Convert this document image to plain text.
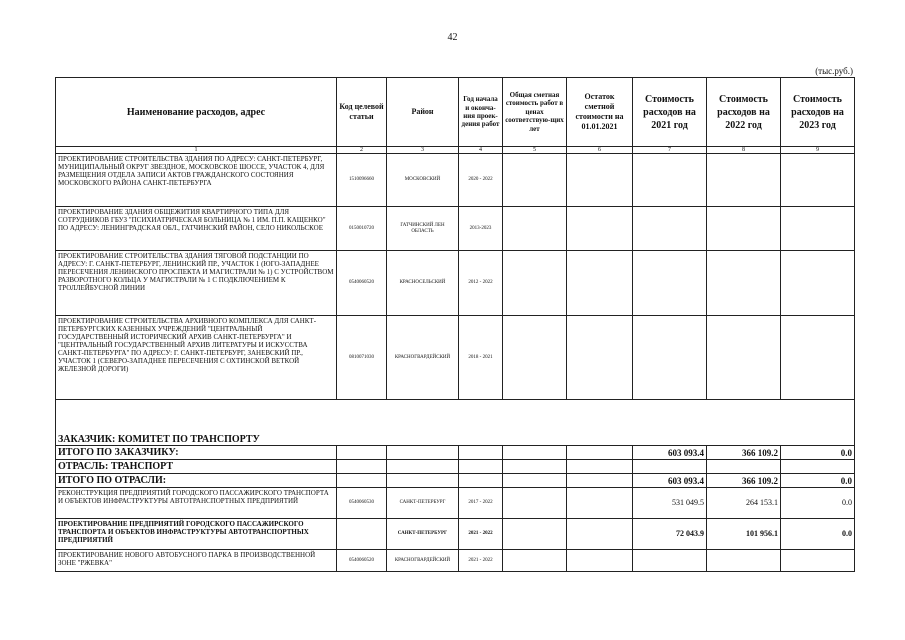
42
(тыс.руб.)
Наименование расходов, адрес	Код целевой статьи	Район	Год начала и оконча-ния проек-дения работ	Общая сметная стоимость работ в ценах соответствую-щих лет	Остаток сметной стоимости на 01.01.2021	Стоимость расходов на 2021 год	Стоимость расходов на 2022 год	Стоимость расходов на 2023 год
1	2	3	4	5	6	7	8	9
ПРОЕКТИРОВАНИЕ СТРОИТЕЛЬСТВА ЗДАНИЯ ПО АДРЕСУ: САНКТ-ПЕТЕРБУРГ, МУНИЦИПАЛЬНЫЙ ОКРУГ ЗВЕЗДНОЕ, МОСКОВСКОЕ ШОССЕ, УЧАСТОК 4, ДЛЯ РАЗМЕЩЕНИЯ ОТДЕЛА ЗАПИСИ АКТОВ ГРАЖДАНСКОГО СОСТОЯНИЯ МОСКОВСКОГО РАЙОНА САНКТ-ПЕТЕРБУРГА	1510096660	МОСКОВСКИЙ	2020 - 2022					
ПРОЕКТИРОВАНИЕ ЗДАНИЯ ОБЩЕЖИТИЯ КВАРТИРНОГО ТИПА ДЛЯ СОТРУДНИКОВ ГБУЗ "ПСИХИАТРИЧЕСКАЯ БОЛЬНИЦА № 1 ИМ. П.П. КАЩЕНКО" ПО АДРЕСУ: ЛЕНИНГРАДСКАЯ ОБЛ., ГАТЧИНСКИЙ РАЙОН, СЕЛО НИКОЛЬСКОЕ	0150010720	ГАТЧИНСКИЙ ЛЕН ОБЛАСТЬ	2013-2023					
ПРОЕКТИРОВАНИЕ СТРОИТЕЛЬСТВА ЗДАНИЯ ТЯГОВОЙ ПОДСТАНЦИИ ПО АДРЕСУ: Г. САНКТ-ПЕТЕРБУРГ, ЛЕНИНСКИЙ ПР., УЧАСТОК 1 (ЮГО-ЗАПАДНЕЕ ПЕРЕСЕЧЕНИЯ ЛЕНИНСКОГО ПРОСПЕКТА И МАГИСТРАЛИ № 1) С УСТРОЙСТВОМ РАЗВОРОТНОГО КОЛЬЦА У МАГИСТРАЛИ № 1 С ПОДКЛЮЧЕНИЕМ К ТРОЛЛЕЙБУСНОЙ ЛИНИИ	0540060520	КРАСНОСЕЛЬСКИЙ	2012 - 2022					
ПРОЕКТИРОВАНИЕ СТРОИТЕЛЬСТВА АРХИВНОГО КОМПЛЕКСА ДЛЯ САНКТ-ПЕТЕРБУРГСКИХ КАЗЕННЫХ УЧРЕЖДЕНИЙ "ЦЕНТРАЛЬНЫЙ ГОСУДАРСТВЕННЫЙ ИСТОРИЧЕСКИЙ АРХИВ САНКТ-ПЕТЕРБУРГА" И "ЦЕНТРАЛЬНЫЙ ГОСУДАРСТВЕННЫЙ АРХИВ ЛИТЕРАТУРЫ И ИСКУССТВА САНКТ-ПЕТЕРБУРГА" ПО АДРЕСУ: Г. САНКТ-ПЕТЕРБУРГ, ЗАНЕВСКИЙ ПР., УЧАСТОК 1 (СЕВЕРО-ЗАПАДНЕЕ ПЕРЕСЕЧЕНИЯ С ОХТИНСКОЙ ВЕТКОЙ ЖЕЛЕЗНОЙ ДОРОГИ)	0810071030	КРАСНОГВАРДЕЙСКИЙ	2018 - 2021					

ЗАКАЗЧИК: КОМИТЕТ ПО ТРАНСПОРТУ								
ИТОГО ПО ЗАКАЗЧИКУ:						603 093.4	366 109.2	0.0
ОТРАСЛЬ: ТРАНСПОРТ								
ИТОГО ПО ОТРАСЛИ:						603 093.4	366 109.2	0.0
РЕКОНСТРУКЦИЯ ПРЕДПРИЯТИЙ ГОРОДСКОГО ПАССАЖИРСКОГО ТРАНСПОРТА И ОБЪЕКТОВ ИНФРАСТРУКТУРЫ АВТОТРАНСПОРТНЫХ ПРЕДПРИЯТИЙ	0540060530	САНКТ-ПЕТЕРБУРГ	2017 - 2022			531 049.5	264 153.1	0.0
ПРОЕКТИРОВАНИЕ ПРЕДПРИЯТИЙ ГОРОДСКОГО ПАССАЖИРСКОГО ТРАНСПОРТА И ОБЪЕКТОВ ИНФРАСТРУКТУРЫ АВТОТРАНСПОРТНЫХ ПРЕДПРИЯТИЙ		САНКТ-ПЕТЕРБУРГ	2021 - 2022			72 043.9	101 956.1	0.0
ПРОЕКТИРОВАНИЕ НОВОГО АВТОБУСНОГО ПАРКА В ПРОИЗВОДСТВЕННОЙ ЗОНЕ "РЖЕВКА"	0540060520	КРАСНОГВАРДЕЙСКИЙ	2021 - 2022					
